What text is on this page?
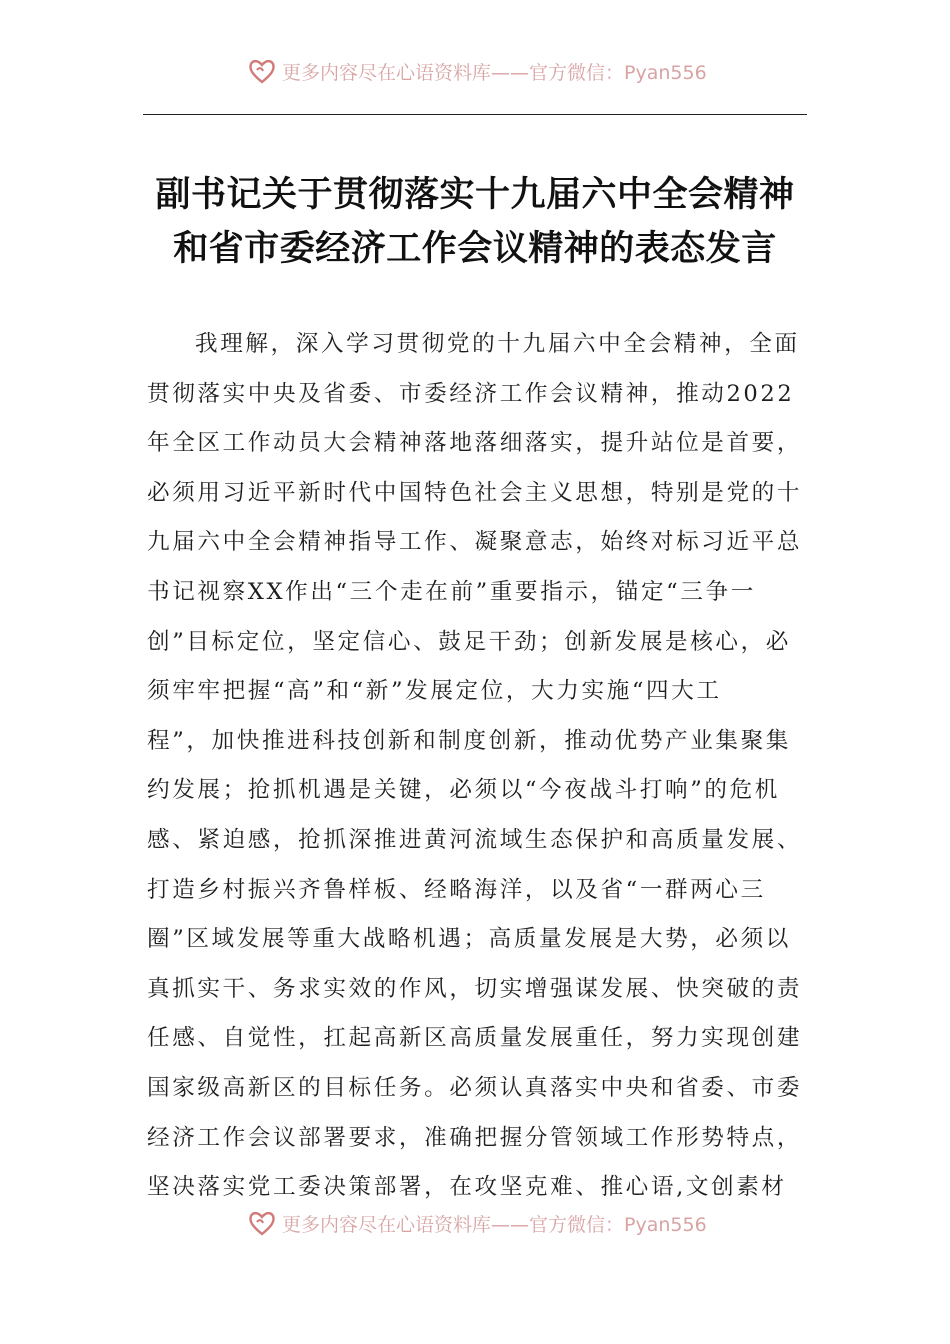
更多内容尽在心语资料库——官方微信：Pyan556
副书记关于贯彻落实十九届六中全会精神
和省市委经济工作会议精神的表态发言
我理解，深入学习贯彻党的十九届六中全会精神，全面
贯彻落实中央及省委、市委经济工作会议精神，推动2022
年全区工作动员大会精神落地落细落实，提升站位是首要，
必须用习近平新时代中国特色社会主义思想，特别是党的十
九届六中全会精神指导工作、凝聚意志，始终对标习近平总
书记视察XX作出“三个走在前”重要指示，锚定“三争一
创”目标定位，坚定信心、鼓足干劲；创新发展是核心，必
须牢牢把握“高”和“新”发展定位，大力实施“四大工
程”，加快推进科技创新和制度创新，推动优势产业集聚集
约发展；抢抓机遇是关键，必须以“今夜战斗打响”的危机
感、紧迫感，抢抓深推进黄河流域生态保护和高质量发展、
打造乡村振兴齐鲁样板、经略海洋，以及省“一群两心三
圈”区域发展等重大战略机遇；高质量发展是大势，必须以
真抓实干、务求实效的作风，切实增强谋发展、快突破的责
任感、自觉性，扛起高新区高质量发展重任，努力实现创建
国家级高新区的目标任务。必须认真落实中央和省委、市委
经济工作会议部署要求，准确把握分管领域工作形势特点，
坚决落实党工委决策部署，在攻坚克难、推心语,文创素材
更多内容尽在心语资料库——官方微信：Pyan556
